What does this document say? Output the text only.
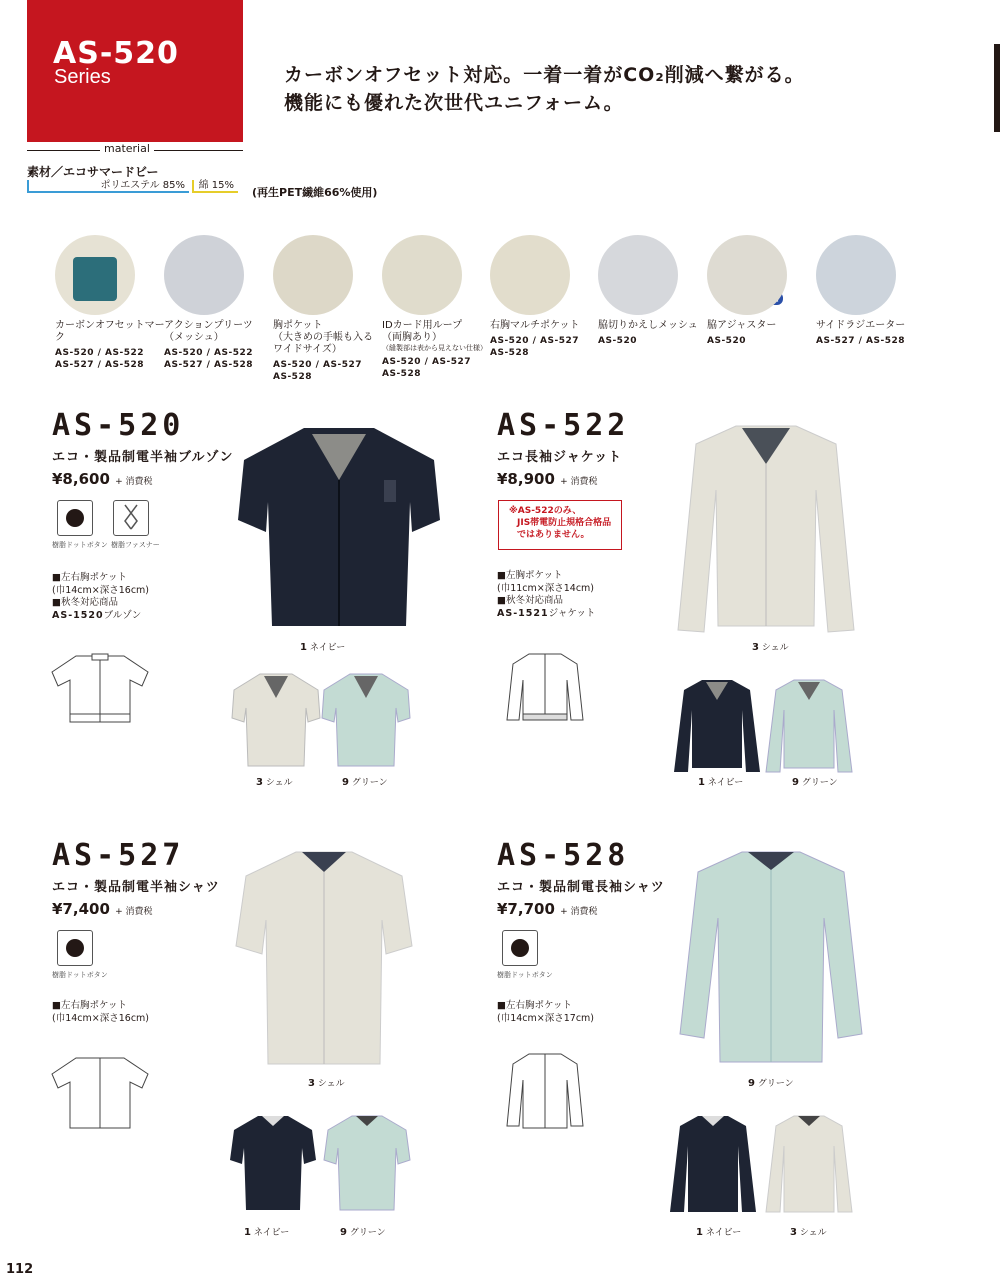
AS-520
Series	カーボンオフセット対応。一着一着がCO₂削減へ繋がる。
機能にも優れた次世代ユニフォーム。
material
素材／エコサマードビー
ポリエステル 85%	綿 15%
(再生PET繊維66%使用)
カーボンオフセットマーク
AS-520 / AS-522
AS-527 / AS-528
アクションプリーツ
（メッシュ）
AS-520 / AS-522
AS-527 / AS-528
胸ポケット
（大きめの手帳も入る
ワイドサイズ）
AS-520 / AS-527
AS-528
IDカード用ループ
（両胸あり）
（縫製部は表から見えない仕様）
AS-520 / AS-527
AS-528
右胸マルチポケット
AS-520 / AS-527
AS-528
脇切りかえしメッシュ
AS-520
脇アジャスター
AS-520
サイドラジエーター
AS-527 / AS-528
AS-520
エコ・製品制電半袖ブルゾン
¥8,600 + 消費税
樹脂ドットボタン 樹脂ファスナー
■左右胸ポケット
(巾14cm×深さ16cm)
■秋冬対応商品
AS-1520ブルゾン
1 ネイビー
3 シェル	9 グリーン
AS-522
エコ長袖ジャケット
¥8,900 + 消費税
※AS-522のみ、
JIS帯電防止規格合格品
ではありません。
■左胸ポケット
(巾11cm×深さ14cm)
■秋冬対応商品
AS-1521ジャケット
3 シェル
1 ネイビー	9 グリーン
AS-527
エコ・製品制電半袖シャツ
¥7,400 + 消費税
樹脂ドットボタン
■左右胸ポケット
(巾14cm×深さ16cm)
3 シェル
1 ネイビー	9 グリーン
AS-528
エコ・製品制電長袖シャツ
¥7,700 + 消費税
樹脂ドットボタン
■左右胸ポケット
(巾14cm×深さ17cm)
9 グリーン
1 ネイビー	3 シェル
112
